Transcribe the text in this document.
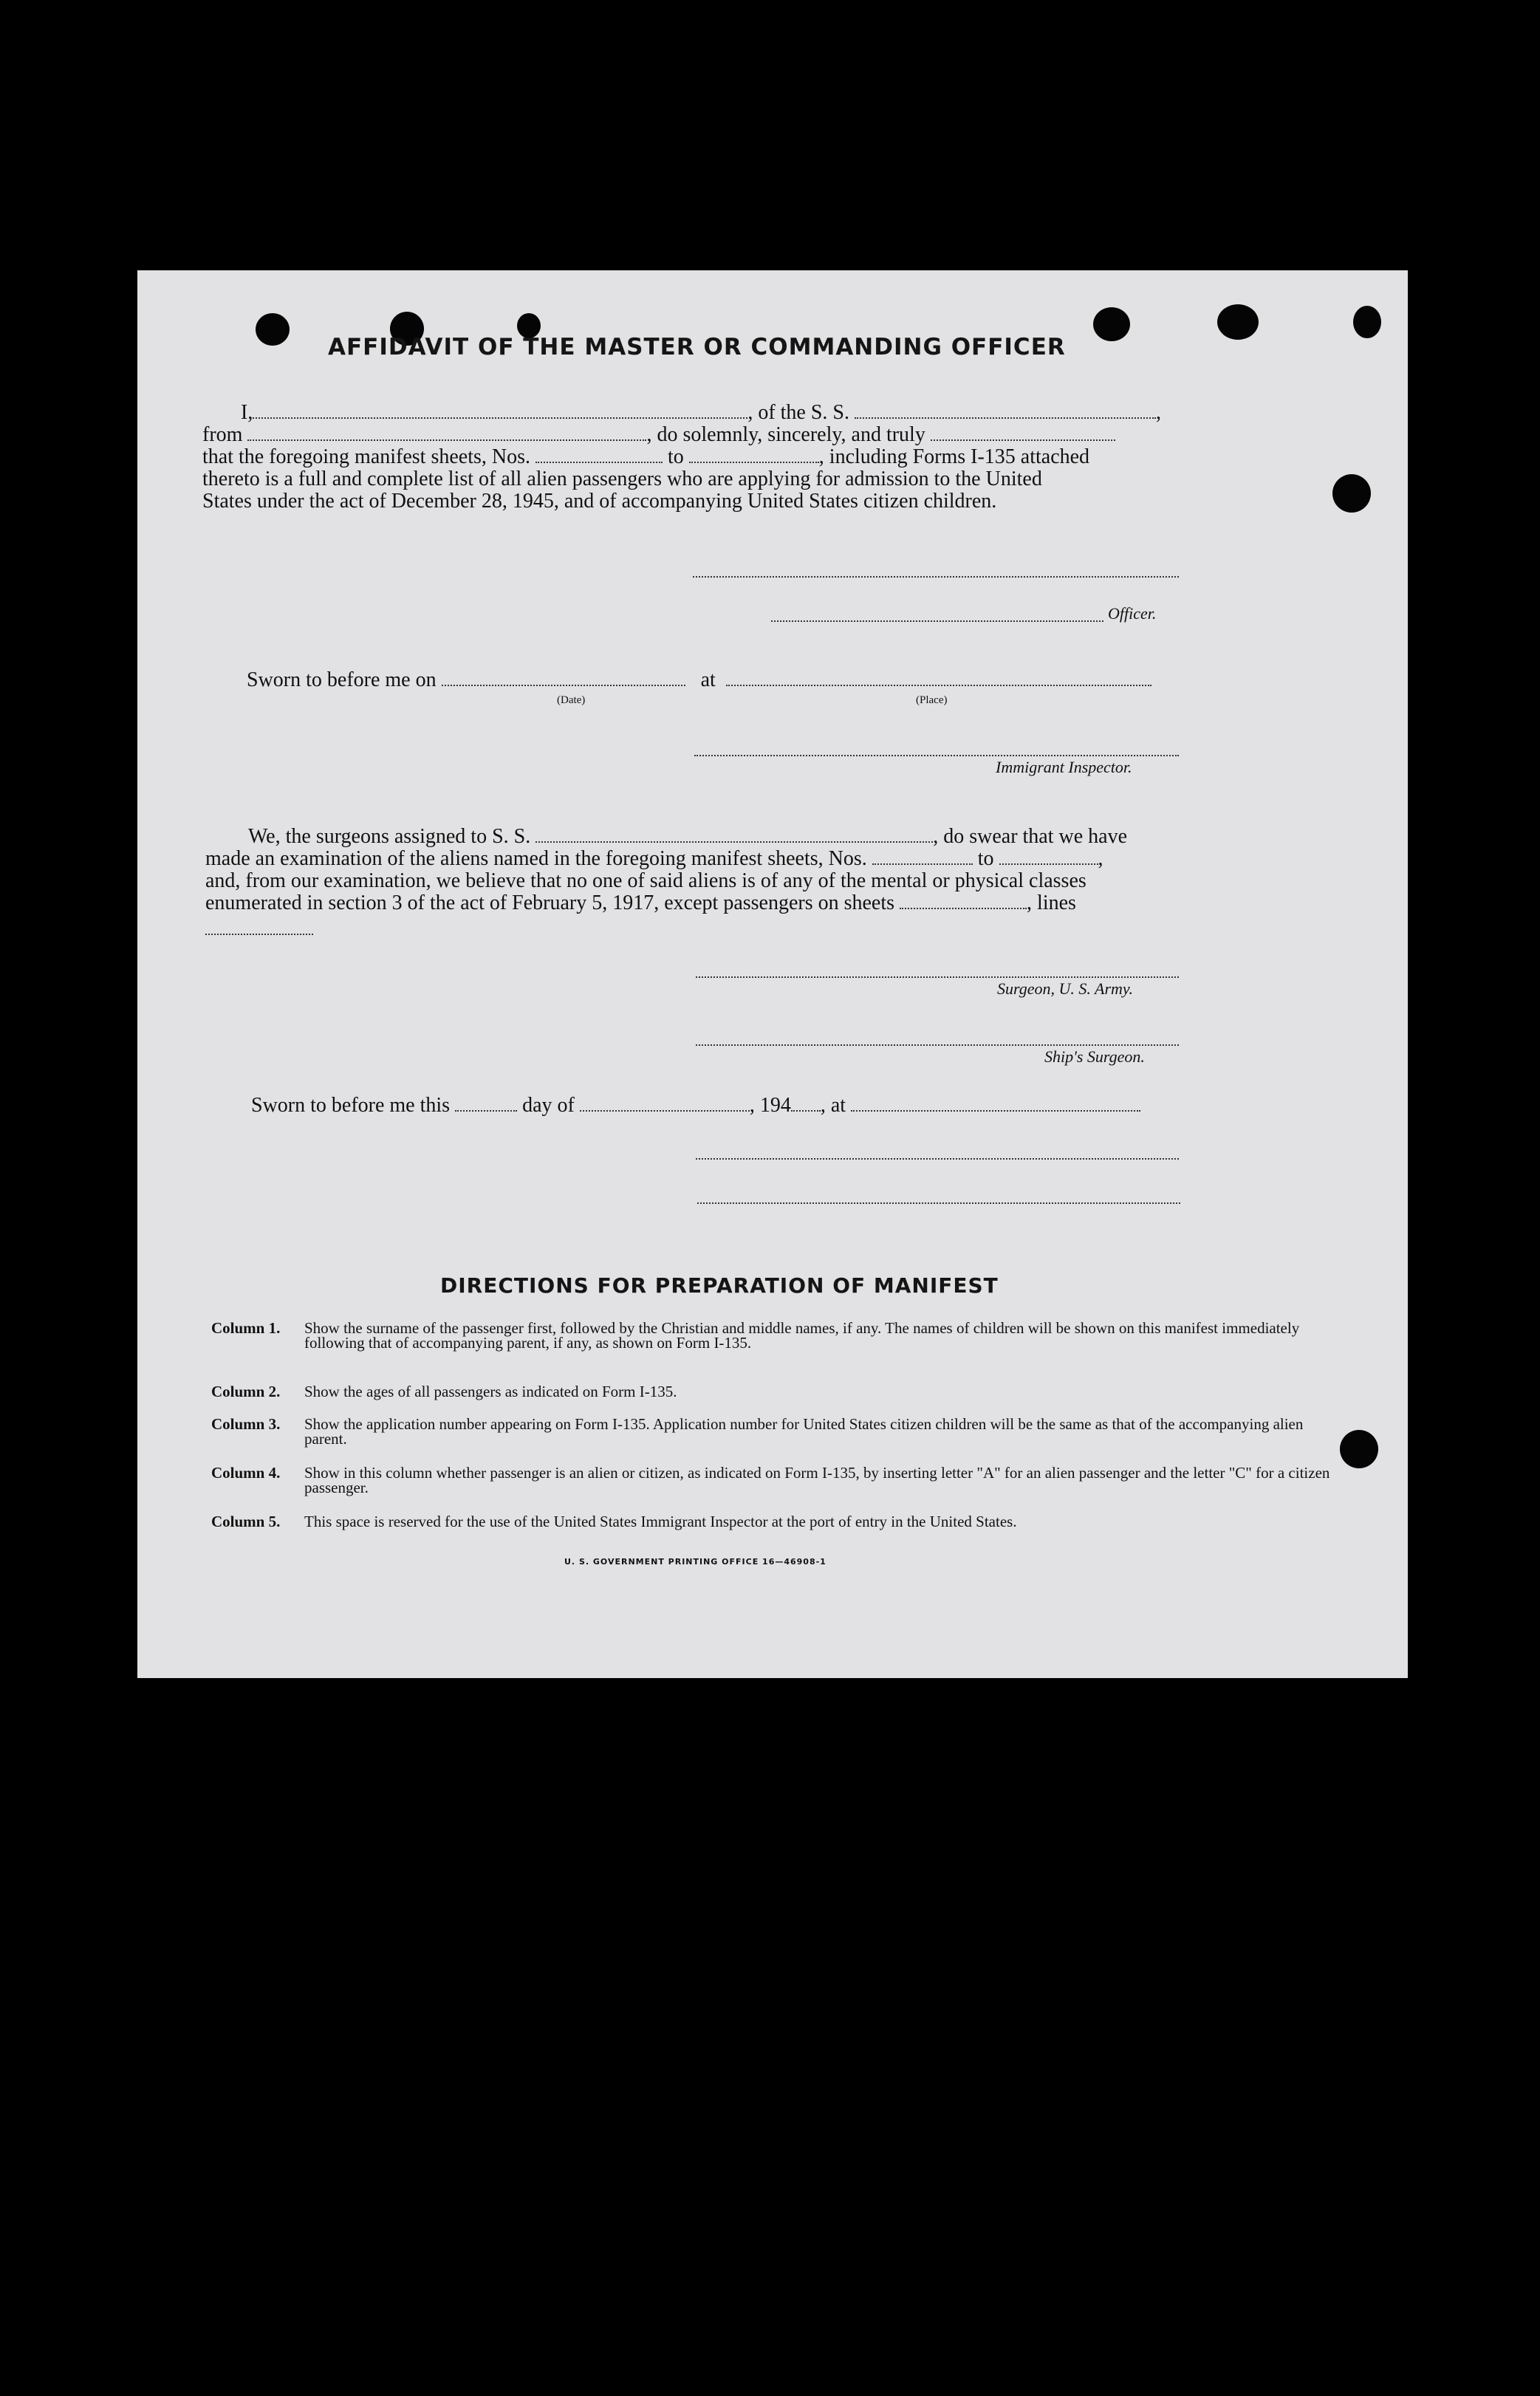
AFFIDAVIT OF THE MASTER OR COMMANDING OFFICER
I,	, of the S. S.	,
from	, do solemnly, sincerely, and truly
that the foregoing manifest sheets, Nos.	to	, including Forms I-135 attached
thereto is a full and complete list of all alien passengers who are applying for admission to the United
States under the act of December 28, 1945, and of accompanying United States citizen children.
Officer.
Sworn to before me on	at
(Date)	(Place)
Immigrant Inspector.
We, the surgeons assigned to S. S.	, do swear that we have
made an examination of the aliens named in the foregoing manifest sheets, Nos.	to	,
and, from our examination, we believe that no one of said aliens is of any of the mental or physical classes
enumerated in section 3 of the act of February 5, 1917, except passengers on sheets	, lines
Surgeon, U. S. Army.
Ship's Surgeon.
Sworn to before me this	day of	, 194 , at
DIRECTIONS FOR PREPARATION OF MANIFEST
Column 1. Show the surname of the passenger first, followed by the Christian and middle names, if any. The names of children will be shown on this manifest immediately following that of accompanying parent, if any, as shown on Form I-135.
Column 2. Show the ages of all passengers as indicated on Form I-135.
Column 3. Show the application number appearing on Form I-135. Application number for United States citizen children will be the same as that of the accompanying alien parent.
Column 4. Show in this column whether passenger is an alien or citizen, as indicated on Form I-135, by inserting letter "A" for an alien passenger and the letter "C" for a citizen passenger.
Column 5. This space is reserved for the use of the United States Immigrant Inspector at the port of entry in the United States.
U. S. GOVERNMENT PRINTING OFFICE 16—46908-1
